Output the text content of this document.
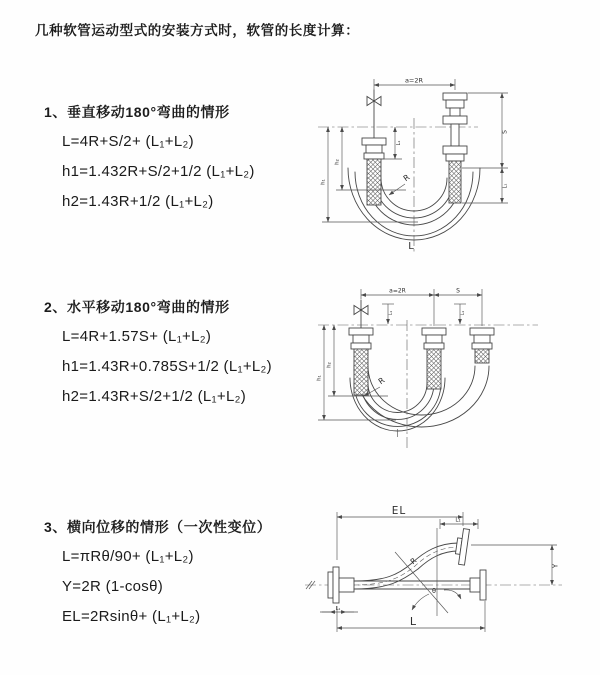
几种软管运动型式的安装方式时，软管的长度计算：
1、垂直移动180°弯曲的情形
L=4R+S/2+ (L₁+L₂)
h1=1.432R+S/2+1/2 (L₁+L₂)
h2=1.43R+1/2 (L₁+L₂)
2、水平移动180°弯曲的情形
L=4R+1.57S+ (L₁+L₂)
h1=1.43R+0.785S+1/2 (L₁+L₂)
h2=1.43R+S/2+1/2 (L₁+L₂)
3、横向位移的情形（一次性变位）
L=πRθ/90+ (L₁+L₂)
Y=2R (1-cosθ)
EL=2Rsinθ+ (L₁+L₂)
a=2R
L₁
S
L₁
h₁
h₂
R
L
a=2R	S
L₁	L₁
h₁
h₂
R
L₁
EL
Y
θ
R
L₁
L
